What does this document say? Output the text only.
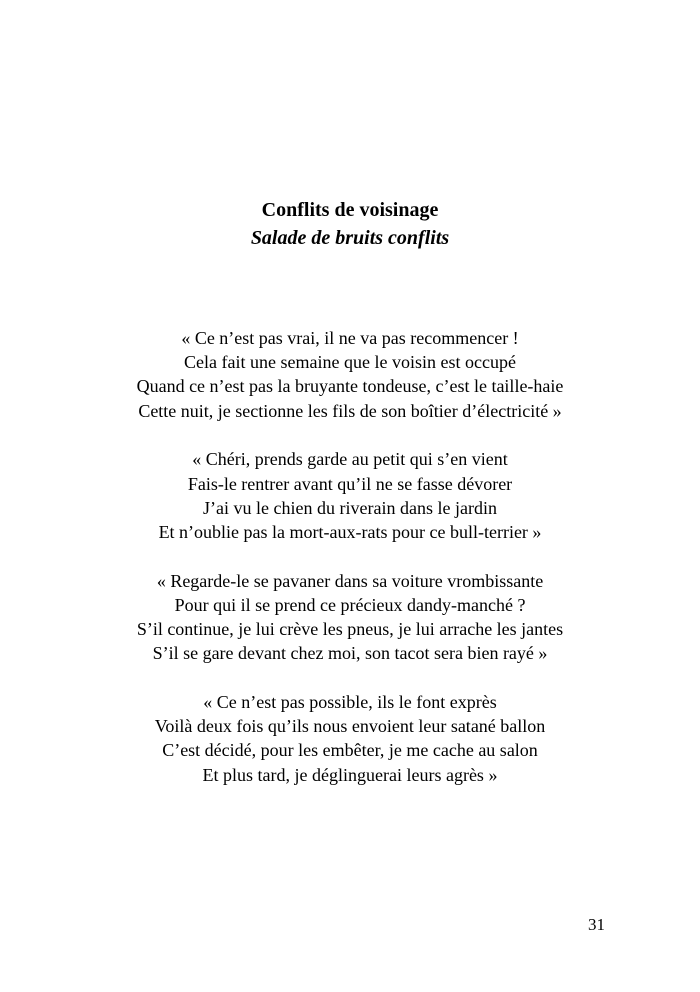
Conflits de voisinage
Salade de bruits conflits
« Ce n’est pas vrai, il ne va pas recommencer !
Cela fait une semaine que le voisin est occupé
Quand ce n’est pas la bruyante tondeuse, c’est le taille-haie
Cette nuit, je sectionne les fils de son boîtier d’électricité »
« Chéri, prends garde au petit qui s’en vient
Fais-le rentrer avant qu’il ne se fasse dévorer
J’ai vu le chien du riverain dans le jardin
Et n’oublie pas la mort-aux-rats pour ce bull-terrier »
« Regarde-le se pavaner dans sa voiture vrombissante
Pour qui il se prend ce précieux dandy-manché ?
S’il continue, je lui crève les pneus, je lui arrache les jantes
S’il se gare devant chez moi, son tacot sera bien rayé »
« Ce n’est pas possible, ils le font exprès
Voilà deux fois qu’ils nous envoient leur satané ballon
C’est décidé, pour les embêter, je me cache au salon
Et plus tard, je déglinguerai leurs agrès »
31
